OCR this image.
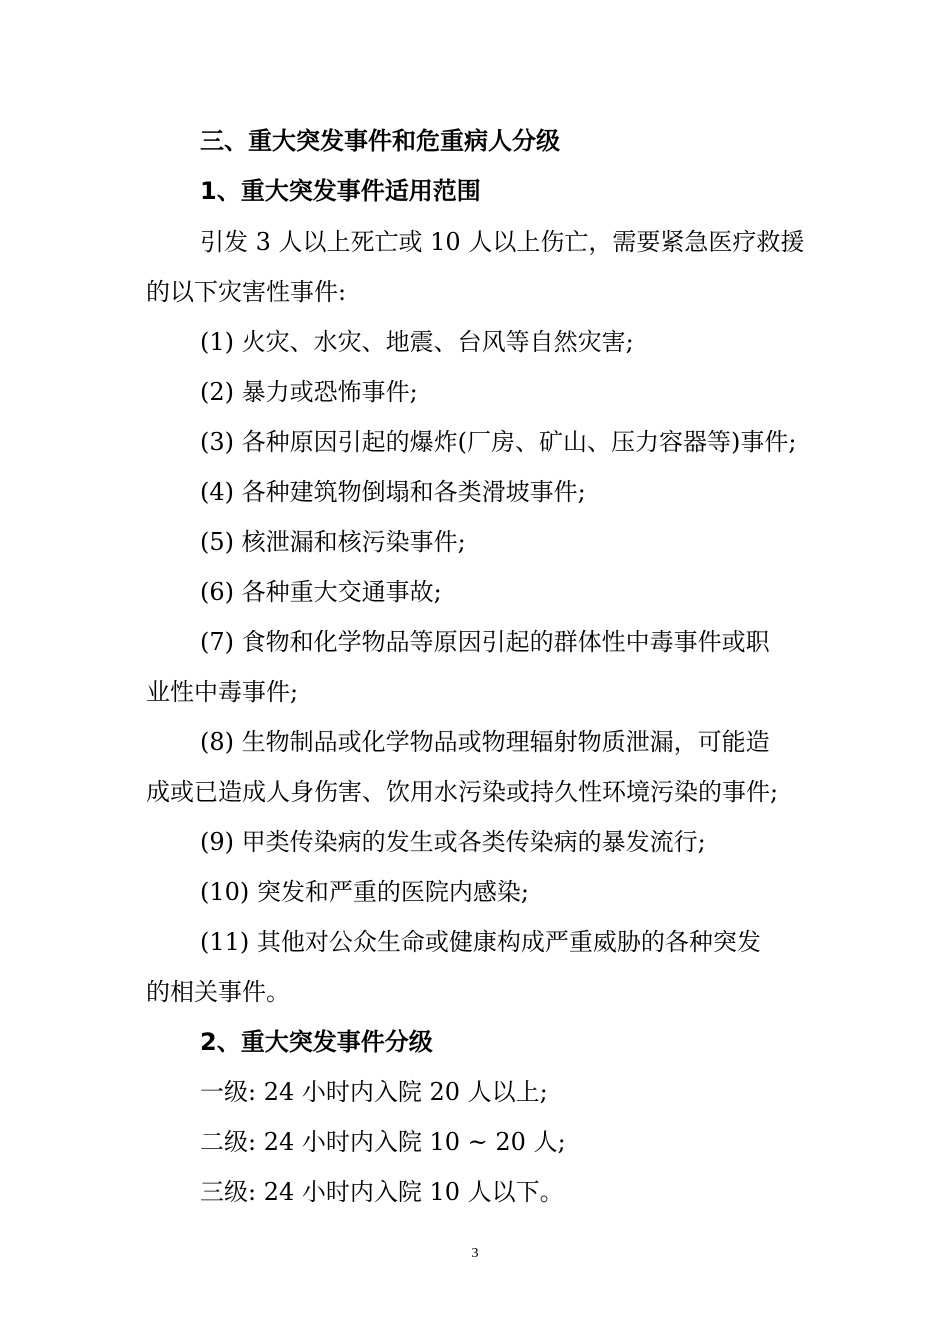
三、重大突发事件和危重病人分级
1、重大突发事件适用范围
引发 3 人以上死亡或 10 人以上伤亡，需要紧急医疗救援
的以下灾害性事件:
(1) 火灾、水灾、地震、台风等自然灾害;
(2) 暴力或恐怖事件;
(3) 各种原因引起的爆炸(厂房、矿山、压力容器等)事件;
(4) 各种建筑物倒塌和各类滑坡事件;
(5) 核泄漏和核污染事件;
(6) 各种重大交通事故;
(7) 食物和化学物品等原因引起的群体性中毒事件或职
业性中毒事件;
(8) 生物制品或化学物品或物理辐射物质泄漏，可能造
成或已造成人身伤害、饮用水污染或持久性环境污染的事件;
(9) 甲类传染病的发生或各类传染病的暴发流行;
(10) 突发和严重的医院内感染;
(11) 其他对公众生命或健康构成严重威胁的各种突发
的相关事件。
2、重大突发事件分级
一级: 24 小时内入院 20 人以上;
二级: 24 小时内入院 10 ~ 20 人;
三级: 24 小时内入院 10 人以下。
3
